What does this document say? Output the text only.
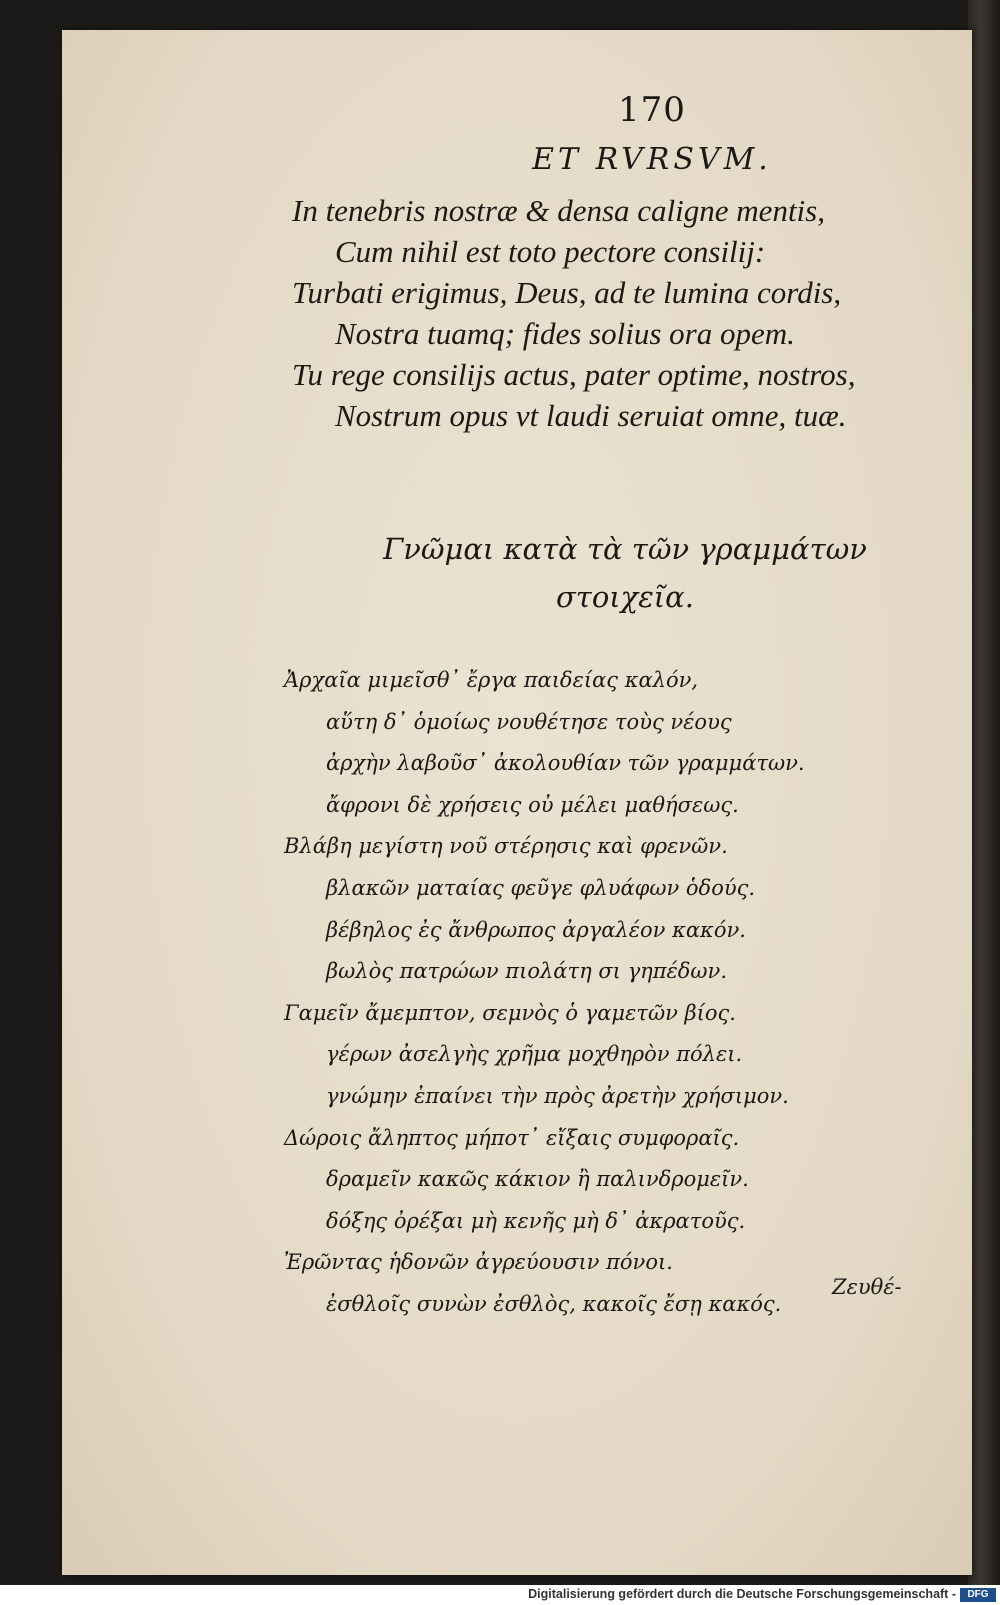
170
ET RVRSVM.
In tenebris nostræ & densa caligne mentis,
Cum nihil est toto pectore consilij:
Turbati erigimus, Deus, ad te lumina cordis,
Nostra tuamq; fides solius ora opem.
Tu rege consilijs actus, pater optime, nostros,
Nostrum opus vt laudi seruiat omne, tuæ.
Γνῶμαι κατὰ τὰ τῶν γραμμάτων
στοιχεῖα.
Ἀρχαῖα μιμεῖσθ᾽ ἔργα παιδείας καλόν,
αὕτη δ᾽ ὁμοίως νουθέτησε τοὺς νέους
ἀρχὴν λαβοῦσ᾽ ἀκολουθίαν τῶν γραμμάτων.
ἄφρονι δὲ χρήσεις οὐ μέλει μαθήσεως.
Βλάβη μεγίστη νοῦ στέρησις καὶ φρενῶν.
βλακῶν ματαίας φεῦγε φλυάφων ὁδούς.
βέβηλος ἐς ἄνθρωπος ἀργαλέον κακόν.
βωλὸς πατρώων πιολάτη σι γηπέδων.
Γαμεῖν ἄμεμπτον, σεμνὸς ὁ γαμετῶν βίος.
γέρων ἀσελγὴς χρῆμα μοχθηρὸν πόλει.
γνώμην ἐπαίνει τὴν πρὸς ἀρετὴν χρήσιμον.
Δώροις ἄληπτος μήποτ᾽ εἴξαις συμφοραῖς.
δραμεῖν κακῶς κάκιον ἢ παλινδρομεῖν.
δόξης ὀρέξαι μὴ κενῆς μὴ δ᾽ ἀκρατοῦς.
Ἐρῶντας ἡδονῶν ἀγρεύουσιν πόνοι.
ἐσθλοῖς συνὼν ἐσθλὸς, κακοῖς ἔσῃ κακός.
Ζευθέ-
Digitalisierung gefördert durch die Deutsche Forschungsgemeinschaft -	DFG
